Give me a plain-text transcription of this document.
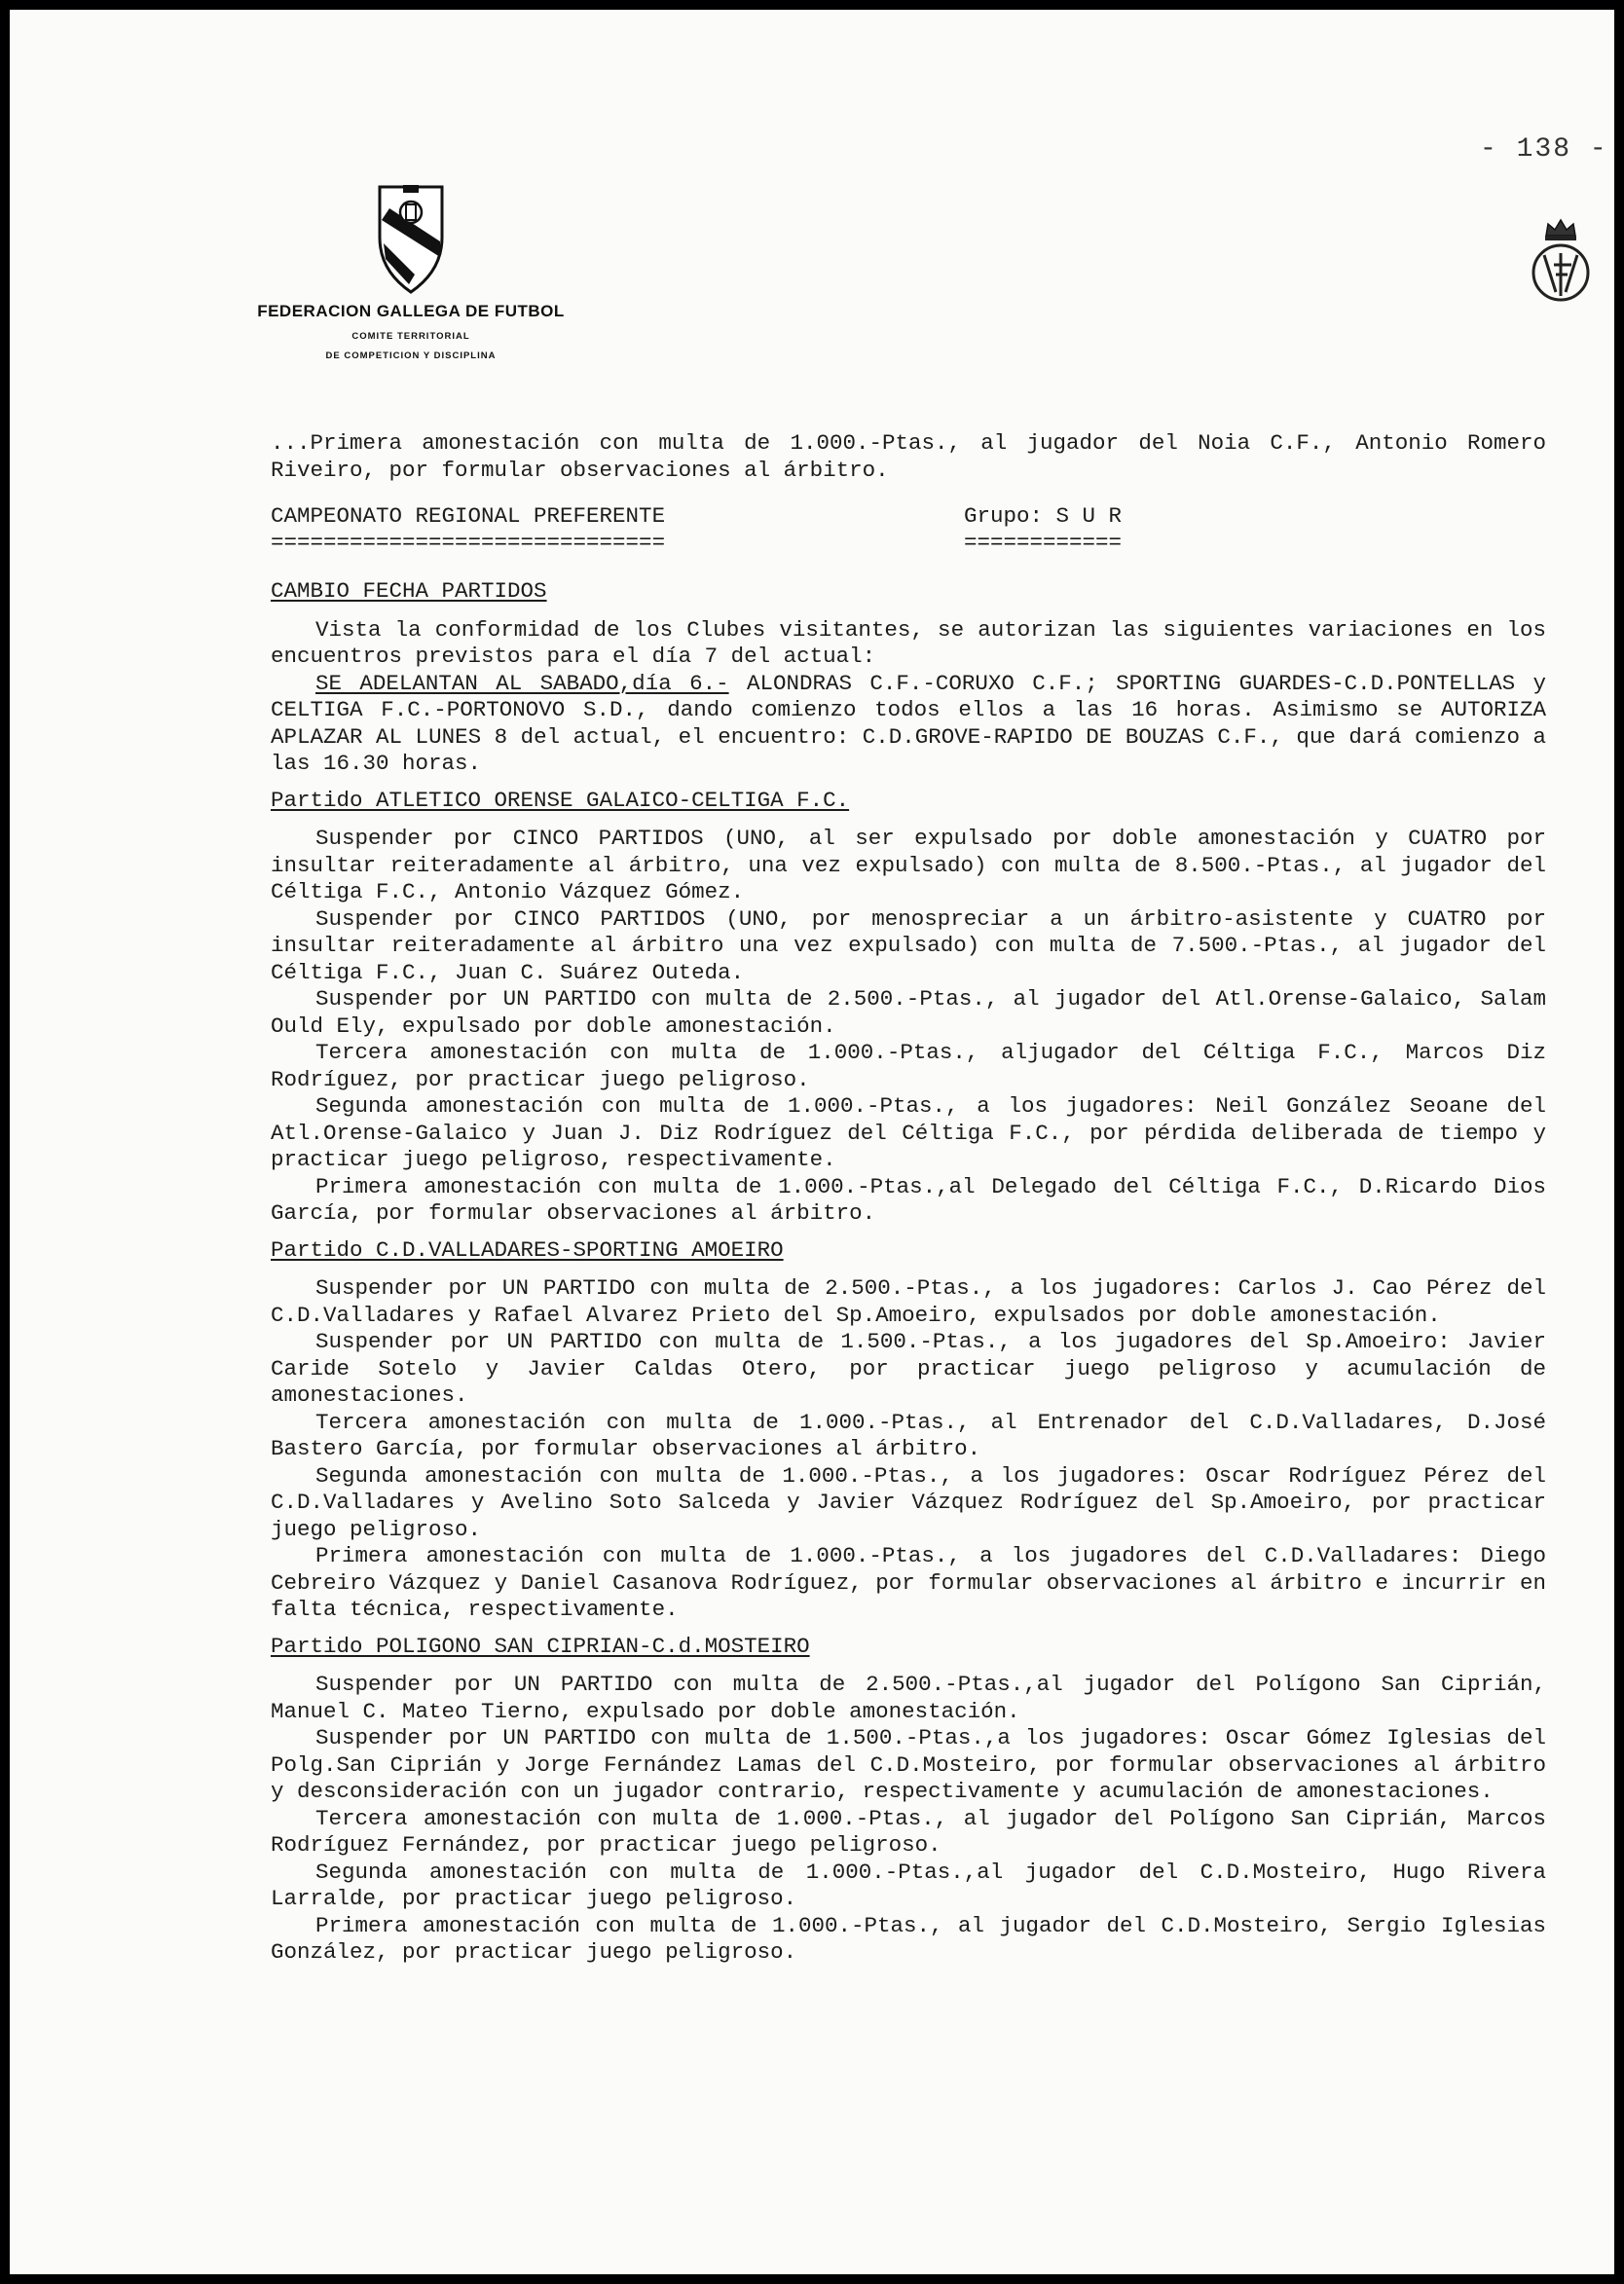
- 138 -
FEDERACION GALLEGA DE FUTBOL
COMITE TERRITORIAL
DE COMPETICION Y DISCIPLINA

...Primera amonestación con multa de 1.000.-Ptas., al jugador del Noia C.F., Antonio Romero Riveiro, por formular observaciones al árbitro.

CAMPEONATO REGIONAL PREFERENTE
==============================
Grupo: S U R
============
CAMBIO FECHA PARTIDOS

Vista la conformidad de los Clubes visitantes, se autorizan las siguientes variaciones en los encuentros previstos para el día 7 del actual:

SE ADELANTAN AL SABADO,día 6.- ALONDRAS C.F.-CORUXO C.F.; SPORTING GUARDES-C.D.PONTELLAS y CELTIGA F.C.-PORTONOVO S.D., dando comienzo todos ellos a las 16 horas. Asimismo se AUTORIZA APLAZAR AL LUNES 8 del actual, el encuentro: C.D.GROVE-RAPIDO DE BOUZAS C.F., que dará comienzo a las 16.30 horas.

Partido ATLETICO ORENSE GALAICO-CELTIGA F.C.

Suspender por CINCO PARTIDOS (UNO, al ser expulsado por doble amonestación y CUATRO por insultar reiteradamente al árbitro, una vez expulsado) con multa de 8.500.-Ptas., al jugador del Céltiga F.C., Antonio Vázquez Gómez.

Suspender por CINCO PARTIDOS (UNO, por menospreciar a un árbitro-asistente y CUATRO por insultar reiteradamente al árbitro una vez expulsado) con multa de 7.500.-Ptas., al jugador del Céltiga F.C., Juan C. Suárez Outeda.

Suspender por UN PARTIDO con multa de 2.500.-Ptas., al jugador del Atl.Orense-Galaico, Salam Ould Ely, expulsado por doble amonestación.

Tercera amonestación con multa de 1.000.-Ptas., aljugador del Céltiga F.C., Marcos Diz Rodríguez, por practicar juego peligroso.

Segunda amonestación con multa de 1.000.-Ptas., a los jugadores: Neil González Seoane del Atl.Orense-Galaico y Juan J. Diz Rodríguez del Céltiga F.C., por pérdida deliberada de tiempo y practicar juego peligroso, respectivamente.

Primera amonestación con multa de 1.000.-Ptas.,al Delegado del Céltiga F.C., D.Ricardo Dios García, por formular observaciones al árbitro.

Partido C.D.VALLADARES-SPORTING AMOEIRO

Suspender por UN PARTIDO con multa de 2.500.-Ptas., a los jugadores: Carlos J. Cao Pérez del C.D.Valladares y Rafael Alvarez Prieto del Sp.Amoeiro, expulsados por doble amonestación.

Suspender por UN PARTIDO con multa de 1.500.-Ptas., a los jugadores del Sp.Amoeiro: Javier Caride Sotelo y Javier Caldas Otero, por practicar juego peligroso y acumulación de amonestaciones.

Tercera amonestación con multa de 1.000.-Ptas., al Entrenador del C.D.Valladares, D.José Bastero García, por formular observaciones al árbitro.

Segunda amonestación con multa de 1.000.-Ptas., a los jugadores: Oscar Rodríguez Pérez del C.D.Valladares y Avelino Soto Salceda y Javier Vázquez Rodríguez del Sp.Amoeiro, por practicar juego peligroso.

Primera amonestación con multa de 1.000.-Ptas., a los jugadores del C.D.Valladares: Diego Cebreiro Vázquez y Daniel Casanova Rodríguez, por formular observaciones al árbitro e incurrir en falta técnica, respectivamente.

Partido POLIGONO SAN CIPRIAN-C.d.MOSTEIRO

Suspender por UN PARTIDO con multa de 2.500.-Ptas.,al jugador del Polígono San Ciprián, Manuel C. Mateo Tierno, expulsado por doble amonestación.

Suspender por UN PARTIDO con multa de 1.500.-Ptas.,a los jugadores: Oscar Gómez Iglesias del Polg.San Ciprián y Jorge Fernández Lamas del C.D.Mosteiro, por formular observaciones al árbitro y desconsideración con un jugador contrario, respectivamente y acumulación de amonestaciones.

Tercera amonestación con multa de 1.000.-Ptas., al jugador del Polígono San Ciprián, Marcos Rodríguez Fernández, por practicar juego peligroso.

Segunda amonestación con multa de 1.000.-Ptas.,al jugador del C.D.Mosteiro, Hugo Rivera Larralde, por practicar juego peligroso.

Primera amonestación con multa de 1.000.-Ptas., al jugador del C.D.Mosteiro, Sergio Iglesias González, por practicar juego peligroso.
